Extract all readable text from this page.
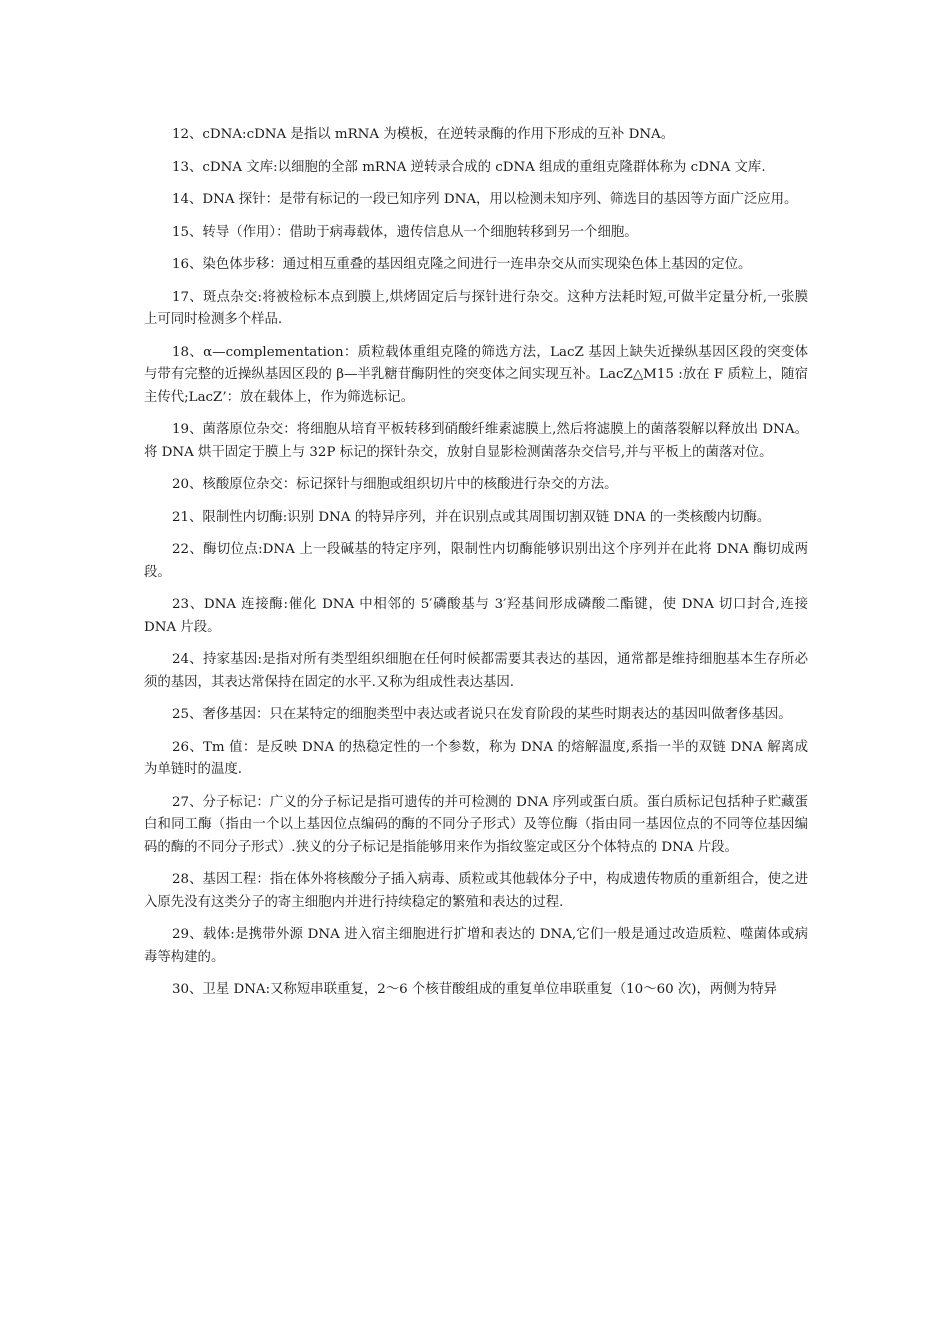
12、cDNA:cDNA 是指以 mRNA 为模板，在逆转录酶的作用下形成的互补 DNA。

13、cDNA 文库:以细胞的全部 mRNA 逆转录合成的 cDNA 组成的重组克隆群体称为 cDNA 文库.

14、DNA 探针：是带有标记的一段已知序列 DNA，用以检测未知序列、筛选目的基因等方面广泛应用。

15、转导（作用）：借助于病毒载体，遗传信息从一个细胞转移到另一个细胞。

16、染色体步移：通过相互重叠的基因组克隆之间进行一连串杂交从而实现染色体上基因的定位。

17、斑点杂交:将被检标本点到膜上,烘烤固定后与探针进行杂交。这种方法耗时短,可做半定量分析,一张膜上可同时检测多个样品.

18、α—complementation：质粒载体重组克隆的筛选方法，LacZ 基因上缺失近操纵基因区段的突变体与带有完整的近操纵基因区段的 β—半乳糖苷酶阴性的突变体之间实现互补。LacZ△M15 :放在 F 质粒上，随宿主传代;LacZ’：放在载体上，作为筛选标记。

19、菌落原位杂交：将细胞从培育平板转移到硝酸纤维素滤膜上,然后将滤膜上的菌落裂解以释放出 DNA。将 DNA 烘干固定于膜上与 32P 标记的探针杂交，放射自显影检测菌落杂交信号,并与平板上的菌落对位。

20、核酸原位杂交：标记探针与细胞或组织切片中的核酸进行杂交的方法。

21、限制性内切酶:识别 DNA 的特异序列，并在识别点或其周围切割双链 DNA 的一类核酸内切酶。

22、酶切位点:DNA 上一段碱基的特定序列，限制性内切酶能够识别出这个序列并在此将 DNA 酶切成两段。

23、DNA 连接酶:催化 DNA 中相邻的 5′磷酸基与 3′羟基间形成磷酸二酯键，使 DNA 切口封合,连接 DNA 片段。

24、持家基因:是指对所有类型组织细胞在任何时候都需要其表达的基因，通常都是维持细胞基本生存所必须的基因，其表达常保持在固定的水平.又称为组成性表达基因.

25、奢侈基因：只在某特定的细胞类型中表达或者说只在发育阶段的某些时期表达的基因叫做奢侈基因。

26、Tm 值：是反映 DNA 的热稳定性的一个参数，称为 DNA 的熔解温度,系指一半的双链 DNA 解离成为单链时的温度.

27、分子标记：广义的分子标记是指可遗传的并可检测的 DNA 序列或蛋白质。蛋白质标记包括种子贮藏蛋白和同工酶（指由一个以上基因位点编码的酶的不同分子形式）及等位酶（指由同一基因位点的不同等位基因编码的酶的不同分子形式）.狭义的分子标记是指能够用来作为指纹鉴定或区分个体特点的 DNA 片段。

28、基因工程：指在体外将核酸分子插入病毒、质粒或其他载体分子中，构成遗传物质的重新组合，使之进入原先没有这类分子的寄主细胞内并进行持续稳定的繁殖和表达的过程.

29、载体:是携带外源 DNA 进入宿主细胞进行扩增和表达的 DNA,它们一般是通过改造质粒、噬菌体或病毒等构建的。

30、卫星 DNA:又称短串联重复，2～6 个核苷酸组成的重复单位串联重复（10～60 次)，两侧为特异
